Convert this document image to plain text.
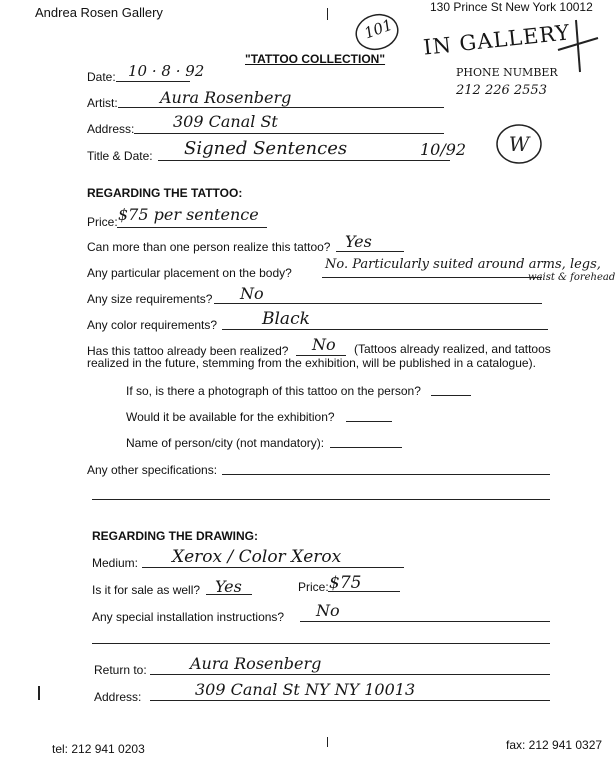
Andrea Rosen Gallery	130 Prince St New York 10012
101 IN GALLERY
PHONE NUMBER
212 226 2553
W
"TATTOO COLLECTION"
Date: 10 · 8 · 92
Artist:	Aura Rosenberg
Address: 309 Canal St
Title & Date: Signed Sentences	10/92
REGARDING THE TATTOO:
Price: $75 per sentence
Can more than one person realize this tattoo? Yes
Any particular placement on the body?
No. Particularly suited around arms, legs,
waist & forehead
Any size requirements? No
Any color requirements?	Black
Has this tattoo already been realized? No (Tattoos already realized, and tattoos
realized in the future, stemming from the exhibition, will be published in a catalogue).
If so, is there a photograph of this tattoo on the person?
Would it be available for the exhibition?
Name of person/city (not mandatory):
Any other specifications:
REGARDING THE DRAWING:
Medium: Xerox / Color Xerox
Is it for sale as well? Yes	Price: $75
Any special installation instructions? No
Return to:	Aura Rosenberg
Address:	309 Canal St NY NY 10013
tel: 212 941 0203	fax: 212 941 0327
